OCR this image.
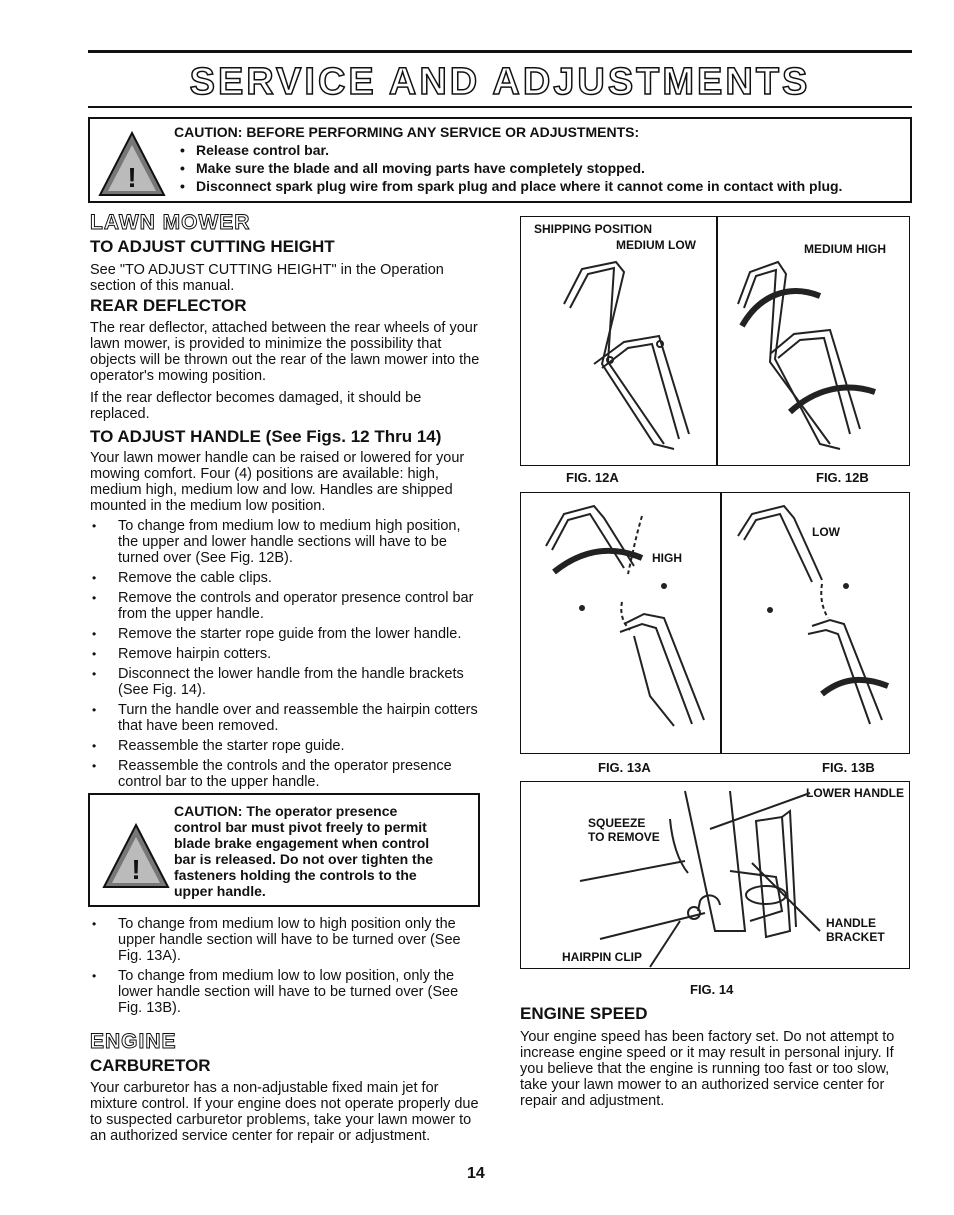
SERVICE AND ADJUSTMENTS
!
CAUTION: BEFORE PERFORMING ANY SERVICE OR ADJUSTMENTS:
• Release control bar.
• Make sure the blade and all moving parts have completely stopped.
• Disconnect spark plug wire from spark plug and place where it cannot come in contact with plug.
LAWN MOWER
TO ADJUST CUTTING HEIGHT
See "TO ADJUST CUTTING HEIGHT" in the Operation section of this manual.
REAR DEFLECTOR
The rear deflector, attached between the rear wheels of your lawn mower, is provided to minimize the possibility that objects will be thrown out the rear of the lawn mower into the operator's mowing position.
If the rear deflector becomes damaged, it should be replaced.
TO ADJUST HANDLE (See Figs. 12 Thru 14)
Your lawn mower handle can be raised or lowered for your mowing comfort. Four (4) positions are available: high, medium high, medium low and low. Handles are shipped mounted in the medium low position.
• To change from medium low to medium high position, the upper and lower handle sections will have to be turned over (See Fig. 12B).
• Remove the cable clips.
• Remove the controls and operator presence control bar from the upper handle.
• Remove the starter rope guide from the lower handle.
• Remove hairpin cotters.
• Disconnect the lower handle from the handle brackets (See Fig. 14).
• Turn the handle over and reassemble the hairpin cotters that have been removed.
• Reassemble the starter rope guide.
• Reassemble the controls and the operator presence control bar to the upper handle.
!
CAUTION: The operator presence control bar must pivot freely to permit blade brake engagement when control bar is released. Do not over tighten the fasteners holding the controls to the upper handle.
• To change from medium low to high position only the upper handle section will have to be turned over (See Fig. 13A).
• To change from medium low to low position, only the lower handle section will have to be turned over (See Fig. 13B).
ENGINE
CARBURETOR
Your carburetor has a non-adjustable fixed main jet for mixture control. If your engine does not operate properly due to suspected carburetor problems, take your lawn mower to an authorized service center for repair or adjustment.
14
SHIPPING POSITION
MEDIUM LOW	MEDIUM HIGH
FIG. 12A	FIG. 12B
HIGH
LOW
FIG. 13A	FIG. 13B
LOWER HANDLE
SQUEEZE
TO REMOVE
HANDLE
BRACKET
HAIRPIN CLIP
FIG. 14
ENGINE SPEED
Your engine speed has been factory set. Do not attempt to increase engine speed or it may result in personal injury. If you believe that the engine is running too fast or too slow, take your lawn mower to an authorized service center for repair and adjustment.
